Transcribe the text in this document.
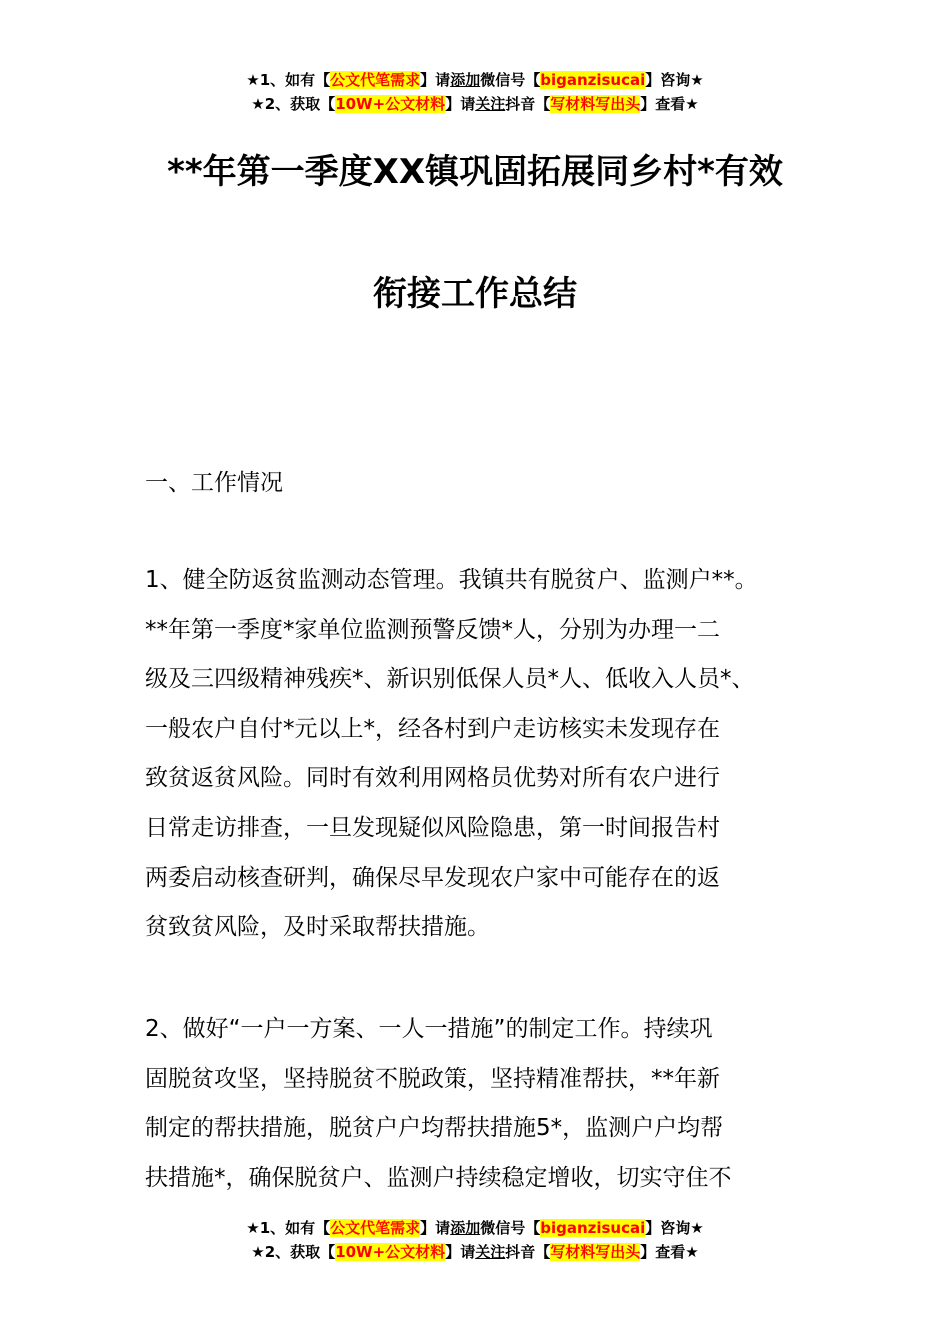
★1、如有【公文代笔需求】请添加微信号【biganzisucai】咨询★
★2、获取【10W+公文材料】请关注抖音【写材料写出头】查看★
**年第一季度XX镇巩固拓展同乡村*有效
衔接工作总结
一、工作情况
1、健全防返贫监测动态管理。我镇共有脱贫户、监测户**。
**年第一季度*家单位监测预警反馈*人，分别为办理一二
级及三四级精神残疾*、新识别低保人员*人、低收入人员*、
一般农户自付*元以上*，经各村到户走访核实未发现存在
致贫返贫风险。同时有效利用网格员优势对所有农户进行
日常走访排查，一旦发现疑似风险隐患，第一时间报告村
两委启动核查研判，确保尽早发现农户家中可能存在的返
贫致贫风险，及时采取帮扶措施。
2、做好“一户一方案、一人一措施”的制定工作。持续巩
固脱贫攻坚，坚持脱贫不脱政策，坚持精准帮扶，**年新
制定的帮扶措施，脱贫户户均帮扶措施5*，监测户户均帮
扶措施*，确保脱贫户、监测户持续稳定增收，切实守住不
★1、如有【公文代笔需求】请添加微信号【biganzisucai】咨询★
★2、获取【10W+公文材料】请关注抖音【写材料写出头】查看★
